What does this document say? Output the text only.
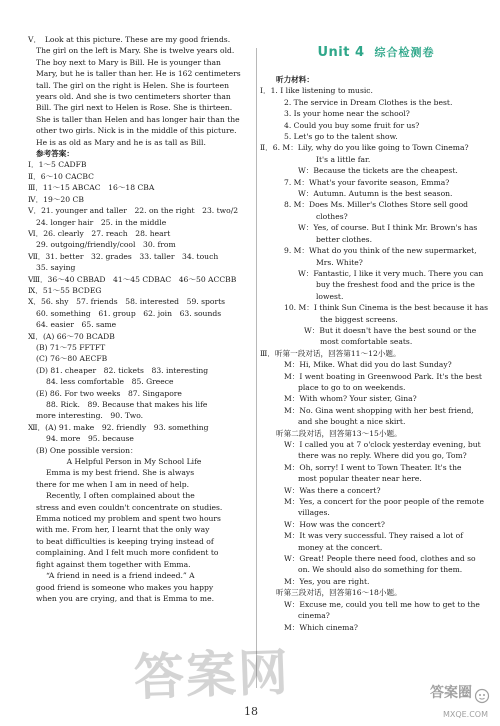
V．　Look at this picture. These are my good friends.
The girl on the left is Mary. She is twelve years old.
The boy next to Mary is Bill. He is younger than
Mary, but he is taller than her. He is 162 centimeters
tall. The girl on the right is Helen. She is fourteen
years old. And she is two centimeters shorter than
Bill. The girl next to Helen is Rose. She is thirteen.
She is taller than Helen and has longer hair than the
other two girls. Nick is in the middle of this picture.
He is as old as Mary and he is as tall as Bill.
参考答案：
Ⅰ．1～5 CADFB
Ⅱ．6～10 CACBC
Ⅲ．11～15 ABCAC　16～18 CBA
Ⅳ．19～20 CB
Ⅴ．21. younger and taller　22. on the right　23. two/2
24. longer hair　25. in the middle
Ⅵ．26. clearly　27. reach　28. heart
29. outgoing/friendly/cool　30. from
Ⅶ．31. better　32. grades　33. taller　34. touch
35. saying
Ⅷ．36～40 CBBAD　41～45 CDBAC　46～50 ACCBB
Ⅸ．51～55 BCDEG
Ⅹ．56. shy　57. friends　58. interested　59. sports
60. something　61. group　62. join　63. sounds
64. easier　65. same
Ⅺ．(A) 66～70 BCADB
(B) 71～75 FFTFT
(C) 76～80 AECFB
(D) 81. cheaper　82. tickets　83. interesting
84. less comfortable　85. Greece
(E) 86. For two weeks　87. Singapore
88. Rick.　89. Because that makes his life
more interesting.　90. Two.
Ⅻ．(A) 91. make　92. friendly　93. something
94. more　95. because
(B) One possible version：
A Helpful Person in My School Life
Emma is my best friend. She is always
there for me when I am in need of help.
Recently, I often complained about the
stress and even couldn't concentrate on studies.
Emma noticed my problem and spent two hours
with me. From her, I learnt that the only way
to beat difficulties is keeping trying instead of
complaining. And I felt much more confident to
fight against them together with Emma.
“A friend in need is a friend indeed.” A
good friend is someone who makes you happy
when you are crying, and that is Emma to me.
Unit 4 综合检测卷
听力材料：
Ⅰ．1. I like listening to music.
2. The service in Dream Clothes is the best.
3. Is your home near the school?
4. Could you buy some fruit for us?
5. Let's go to the talent show.
Ⅱ．6. M：Lily, why do you like going to Town Cinema?
It's a little far.
W：Because the tickets are the cheapest.
7. M：What's your favorite season, Emma?
W：Autumn. Autumn is the best season.
8. M：Does Ms. Miller's Clothes Store sell good
clothes?
W：Yes, of course. But I think Mr. Brown's has
better clothes.
9. M：What do you think of the new supermarket,
Mrs. White?
W：Fantastic, I like it very much. There you can
buy the freshest food and the price is the
lowest.
10. M：I think Sun Cinema is the best because it has
the biggest screens.
W：But it doesn't have the best sound or the
most comfortable seats.
Ⅲ．听第一段对话，回答第11～12小题。
M：Hi, Mike. What did you do last Sunday?
M：I went boating in Greenwood Park. It's the best
place to go to on weekends.
M：With whom? Your sister, Gina?
M：No. Gina went shopping with her best friend,
and she bought a nice skirt.
听第二段对话，回答第13～15小题。
W：I called you at 7 o'clock yesterday evening, but
there was no reply. Where did you go, Tom?
M：Oh, sorry! I went to Town Theater. It's the
most popular theater near here.
W：Was there a concert?
M：Yes, a concert for the poor people of the remote
villages.
W：How was the concert?
M：It was very successful. They raised a lot of
money at the concert.
W：Great! People there need food, clothes and so
on. We should also do something for them.
M：Yes, you are right.
听第三段对话，回答第16～18小题。
W：Excuse me, could you tell me how to get to the
cinema?
M：Which cinema?
答案网
18
答案圈
MXQE.COM
